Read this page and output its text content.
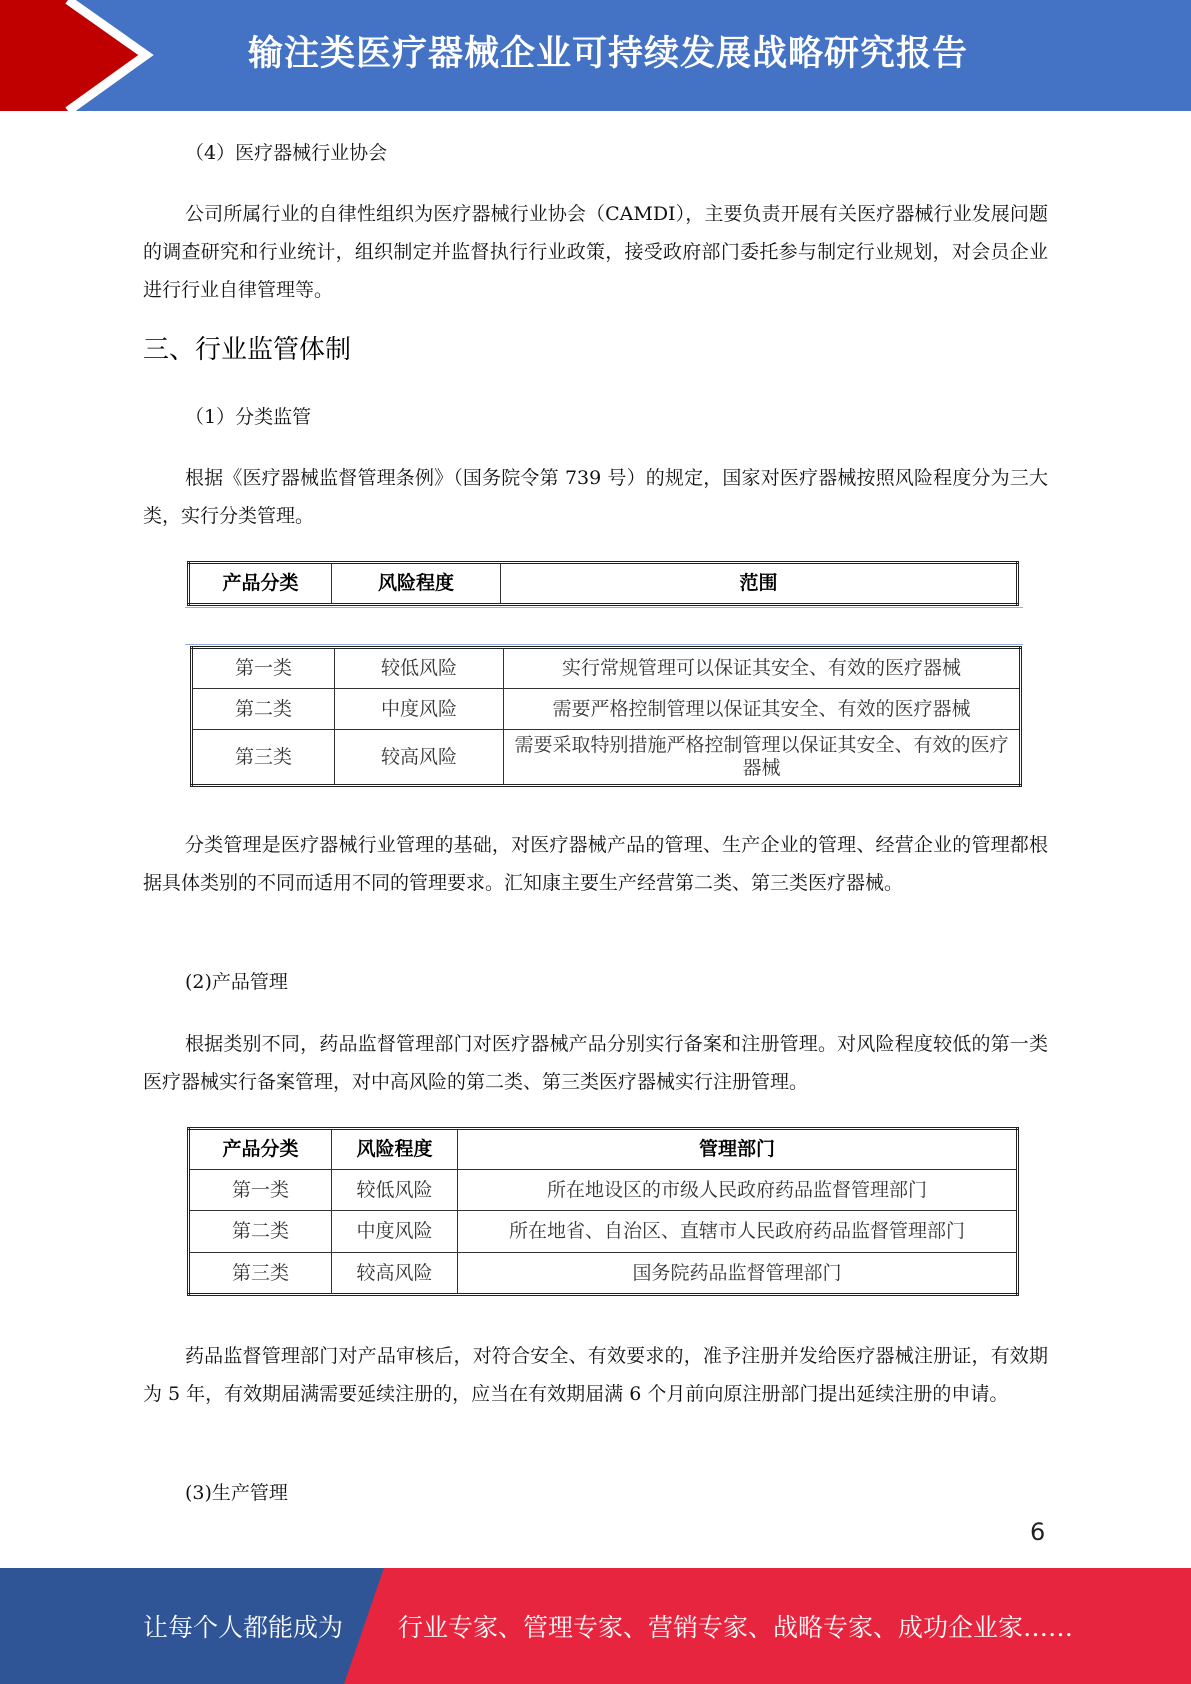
输注类医疗器械企业可持续发展战略研究报告
（4）医疗器械行业协会
公司所属行业的自律性组织为医疗器械行业协会（CAMDI），主要负责开展有关医疗器械行业发展问题的调查研究和行业统计，组织制定并监督执行行业政策，接受政府部门委托参与制定行业规划，对会员企业进行行业自律管理等。
三、行业监管体制
（1）分类监管
根据《医疗器械监督管理条例》（国务院令第 739 号）的规定，国家对医疗器械按照风险程度分为三大类，实行分类管理。
产品分类	风险程度	范围
第一类	较低风险	实行常规管理可以保证其安全、有效的医疗器械
第二类	中度风险	需要严格控制管理以保证其安全、有效的医疗器械
第三类	较高风险	需要采取特别措施严格控制管理以保证其安全、有效的医疗器械
分类管理是医疗器械行业管理的基础，对医疗器械产品的管理、生产企业的管理、经营企业的管理都根据具体类别的不同而适用不同的管理要求。汇知康主要生产经营第二类、第三类医疗器械。
(2)产品管理
根据类别不同，药品监督管理部门对医疗器械产品分别实行备案和注册管理。对风险程度较低的第一类医疗器械实行备案管理，对中高风险的第二类、第三类医疗器械实行注册管理。
产品分类	风险程度	管理部门
第一类	较低风险	所在地设区的市级人民政府药品监督管理部门
第二类	中度风险	所在地省、自治区、直辖市人民政府药品监督管理部门
第三类	较高风险	国务院药品监督管理部门
药品监督管理部门对产品审核后，对符合安全、有效要求的，准予注册并发给医疗器械注册证，有效期为 5 年，有效期届满需要延续注册的，应当在有效期届满 6 个月前向原注册部门提出延续注册的申请。
(3)生产管理
6
让每个人都能成为 行业专家、管理专家、营销专家、战略专家、成功企业家……
